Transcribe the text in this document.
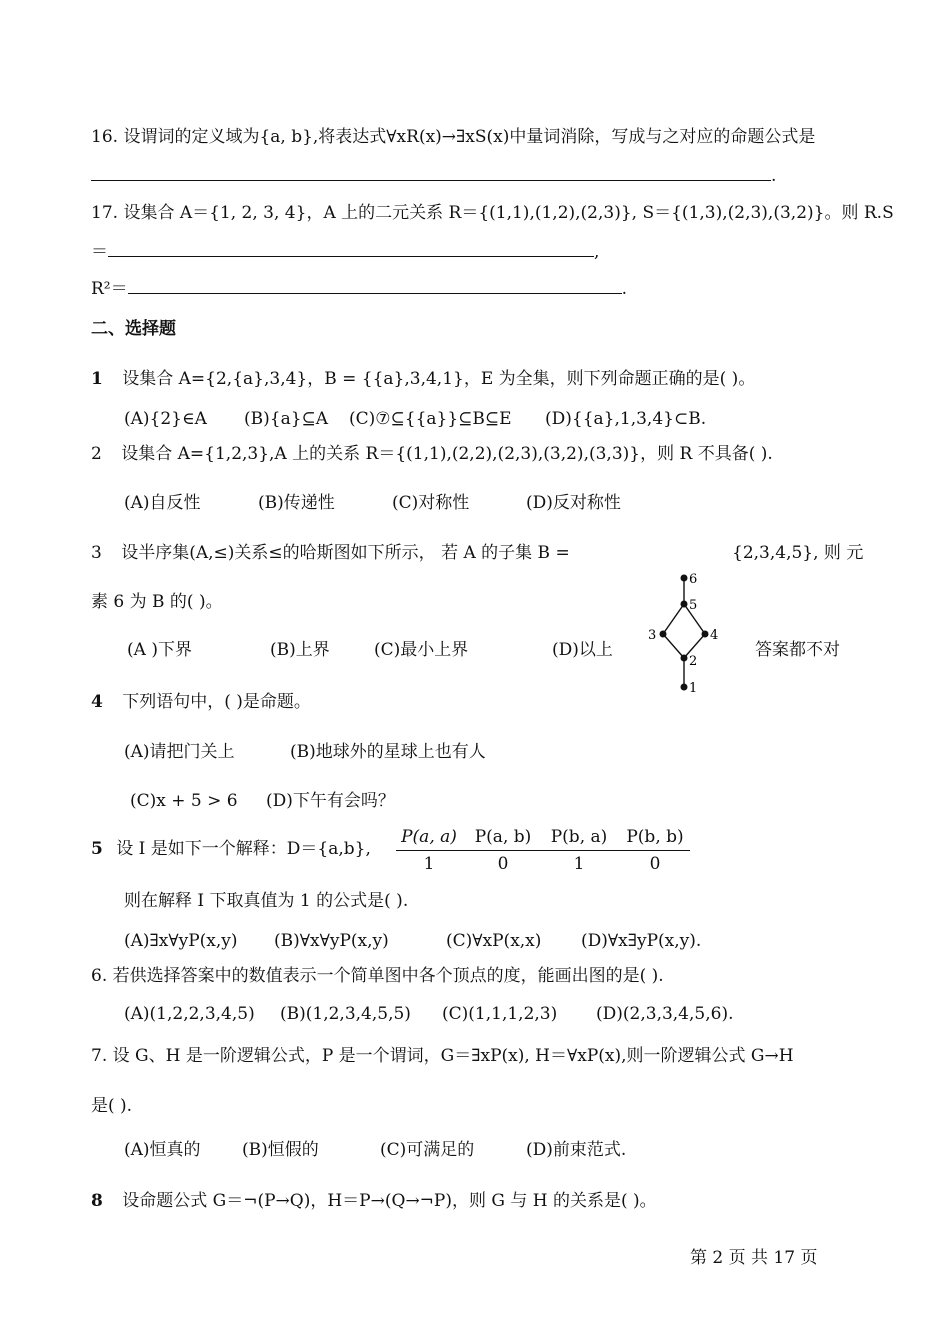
16. 设谓词的定义域为{a, b},将表达式∀xR(x)→∃xS(x)中量词消除，写成与之对应的命题公式是
.
17. 设集合 A＝{1, 2, 3, 4}，A 上的二元关系 R＝{(1,1),(1,2),(2,3)}, S＝{(1,3),(2,3),(3,2)}。则 R.S
＝	,
R²＝	.
二、选择题
1 设集合 A={2,{a},3,4}，B = {{a},3,4,1}，E 为全集，则下列命题正确的是( )。
(A){2}∈A (B){a}⊆A (C)⑦⊆{{a}}⊆B⊆E (D){{a},1,3,4}⊂B.
2 设集合 A={1,2,3},A 上的关系 R＝{(1,1),(2,2),(2,3),(3,2),(3,3)}，则 R 不具备( ).
(A)自反性	(B)传递性	(C)对称性	(D)反对称性
3 设半序集(A,≤)关系≤的哈斯图如下所示， 若 A 的子集 B =	{2,3,4,5}, 则 元
素 6 为 B 的( )。
(A )下界	(B)上界	(C)最小上界	(D)以上	答案都不对
6
5
3	4
2
1
4 下列语句中，( )是命题。
(A)请把门关上	(B)地球外的星球上也有人
(C)x + 5 > 6 (D)下午有会吗？
5 设 I 是如下一个解释：D＝{a,b}, P(a, a) P(a, b) P(b, a) P(b, b)
1	0	1	0
则在解释 I 下取真值为 1 的公式是( ).
(A)∃x∀yP(x,y) (B)∀x∀yP(x,y)	(C)∀xP(x,x) (D)∀x∃yP(x,y).
6. 若供选择答案中的数值表示一个简单图中各个顶点的度，能画出图的是( ).
(A)(1,2,2,3,4,5) (B)(1,2,3,4,5,5) (C)(1,1,1,2,3) (D)(2,3,3,4,5,6).
7. 设 G、H 是一阶逻辑公式，P 是一个谓词，G＝∃xP(x), H＝∀xP(x),则一阶逻辑公式 G→H
是( ).
(A)恒真的 (B)恒假的	(C)可满足的	(D)前束范式.
8 设命题公式 G＝¬(P→Q)，H＝P→(Q→¬P)，则 G 与 H 的关系是( )。
第 2 页 共 17 页
